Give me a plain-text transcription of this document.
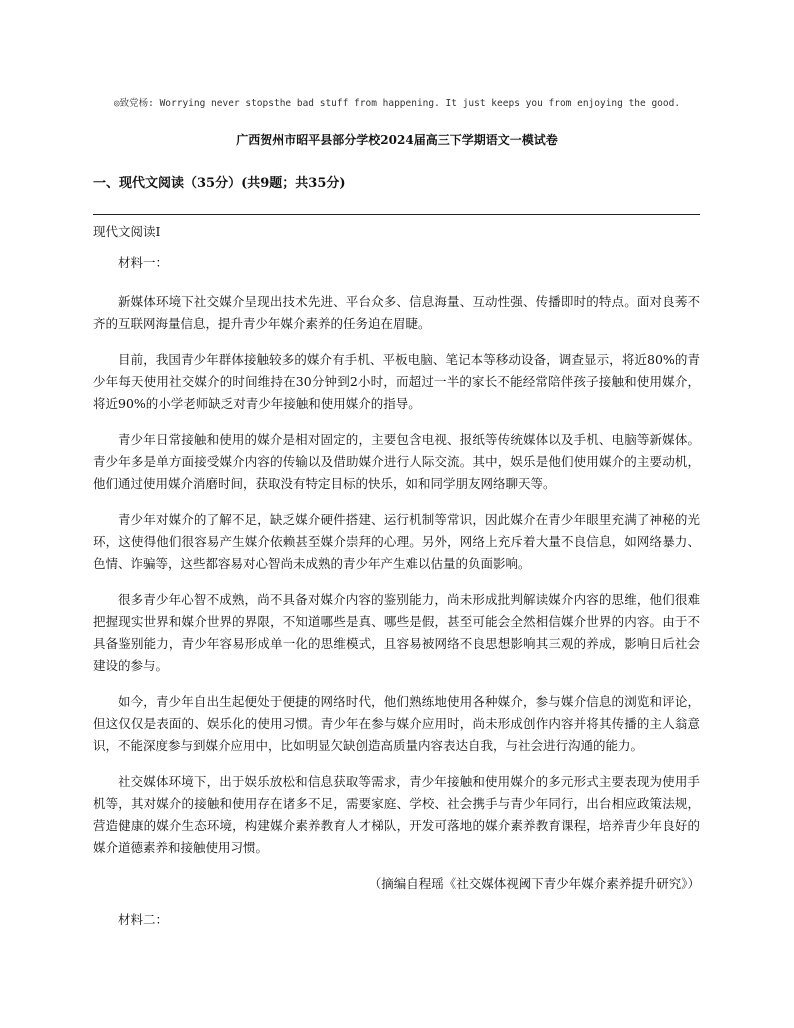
◎致党杨: Worrying never stopsthe bad stuff from happening. It just keeps you from enjoying the good.
广西贺州市昭平县部分学校2024届高三下学期语文一模试卷
一、现代文阅读（35分）(共9题；共35分)
现代文阅读Ⅰ

材料一：

新媒体环境下社交媒介呈现出技术先进、平台众多、信息海量、互动性强、传播即时的特点。面对良莠不齐的互联网海量信息，提升青少年媒介素养的任务迫在眉睫。

目前，我国青少年群体接触较多的媒介有手机、平板电脑、笔记本等移动设备，调查显示，将近80%的青少年每天使用社交媒介的时间维持在30分钟到2小时，而超过一半的家长不能经常陪伴孩子接触和使用媒介，将近90%的小学老师缺乏对青少年接触和使用媒介的指导。

青少年日常接触和使用的媒介是相对固定的，主要包含电视、报纸等传统媒体以及手机、电脑等新媒体。青少年多是单方面接受媒介内容的传输以及借助媒介进行人际交流。其中，娱乐是他们使用媒介的主要动机，他们通过使用媒介消磨时间，获取没有特定目标的快乐，如和同学朋友网络聊天等。

青少年对媒介的了解不足，缺乏媒介硬件搭建、运行机制等常识，因此媒介在青少年眼里充满了神秘的光环，这使得他们很容易产生媒介依赖甚至媒介崇拜的心理。另外，网络上充斥着大量不良信息，如网络暴力、色情、诈骗等，这些都容易对心智尚未成熟的青少年产生难以估量的负面影响。

很多青少年心智不成熟，尚不具备对媒介内容的鉴别能力，尚未形成批判解读媒介内容的思维，他们很难把握现实世界和媒介世界的界限，不知道哪些是真、哪些是假，甚至可能会全然相信媒介世界的内容。由于不具备鉴别能力，青少年容易形成单一化的思维模式，且容易被网络不良思想影响其三观的养成，影响日后社会建设的参与。

如今，青少年自出生起便处于便捷的网络时代，他们熟练地使用各种媒介，参与媒介信息的浏览和评论，但这仅仅是表面的、娱乐化的使用习惯。青少年在参与媒介应用时，尚未形成创作内容并将其传播的主人翁意识，不能深度参与到媒介应用中，比如明显欠缺创造高质量内容表达自我，与社会进行沟通的能力。

社交媒体环境下，出于娱乐放松和信息获取等需求，青少年接触和使用媒介的多元形式主要表现为使用手机等，其对媒介的接触和使用存在诸多不足，需要家庭、学校、社会携手与青少年同行，出台相应政策法规，营造健康的媒介生态环境，构建媒介素养教育人才梯队，开发可落地的媒介素养教育课程，培养青少年良好的媒介道德素养和接触使用习惯。

（摘编自程瑶《社交媒体视阈下青少年媒介素养提升研究》）

材料二：
